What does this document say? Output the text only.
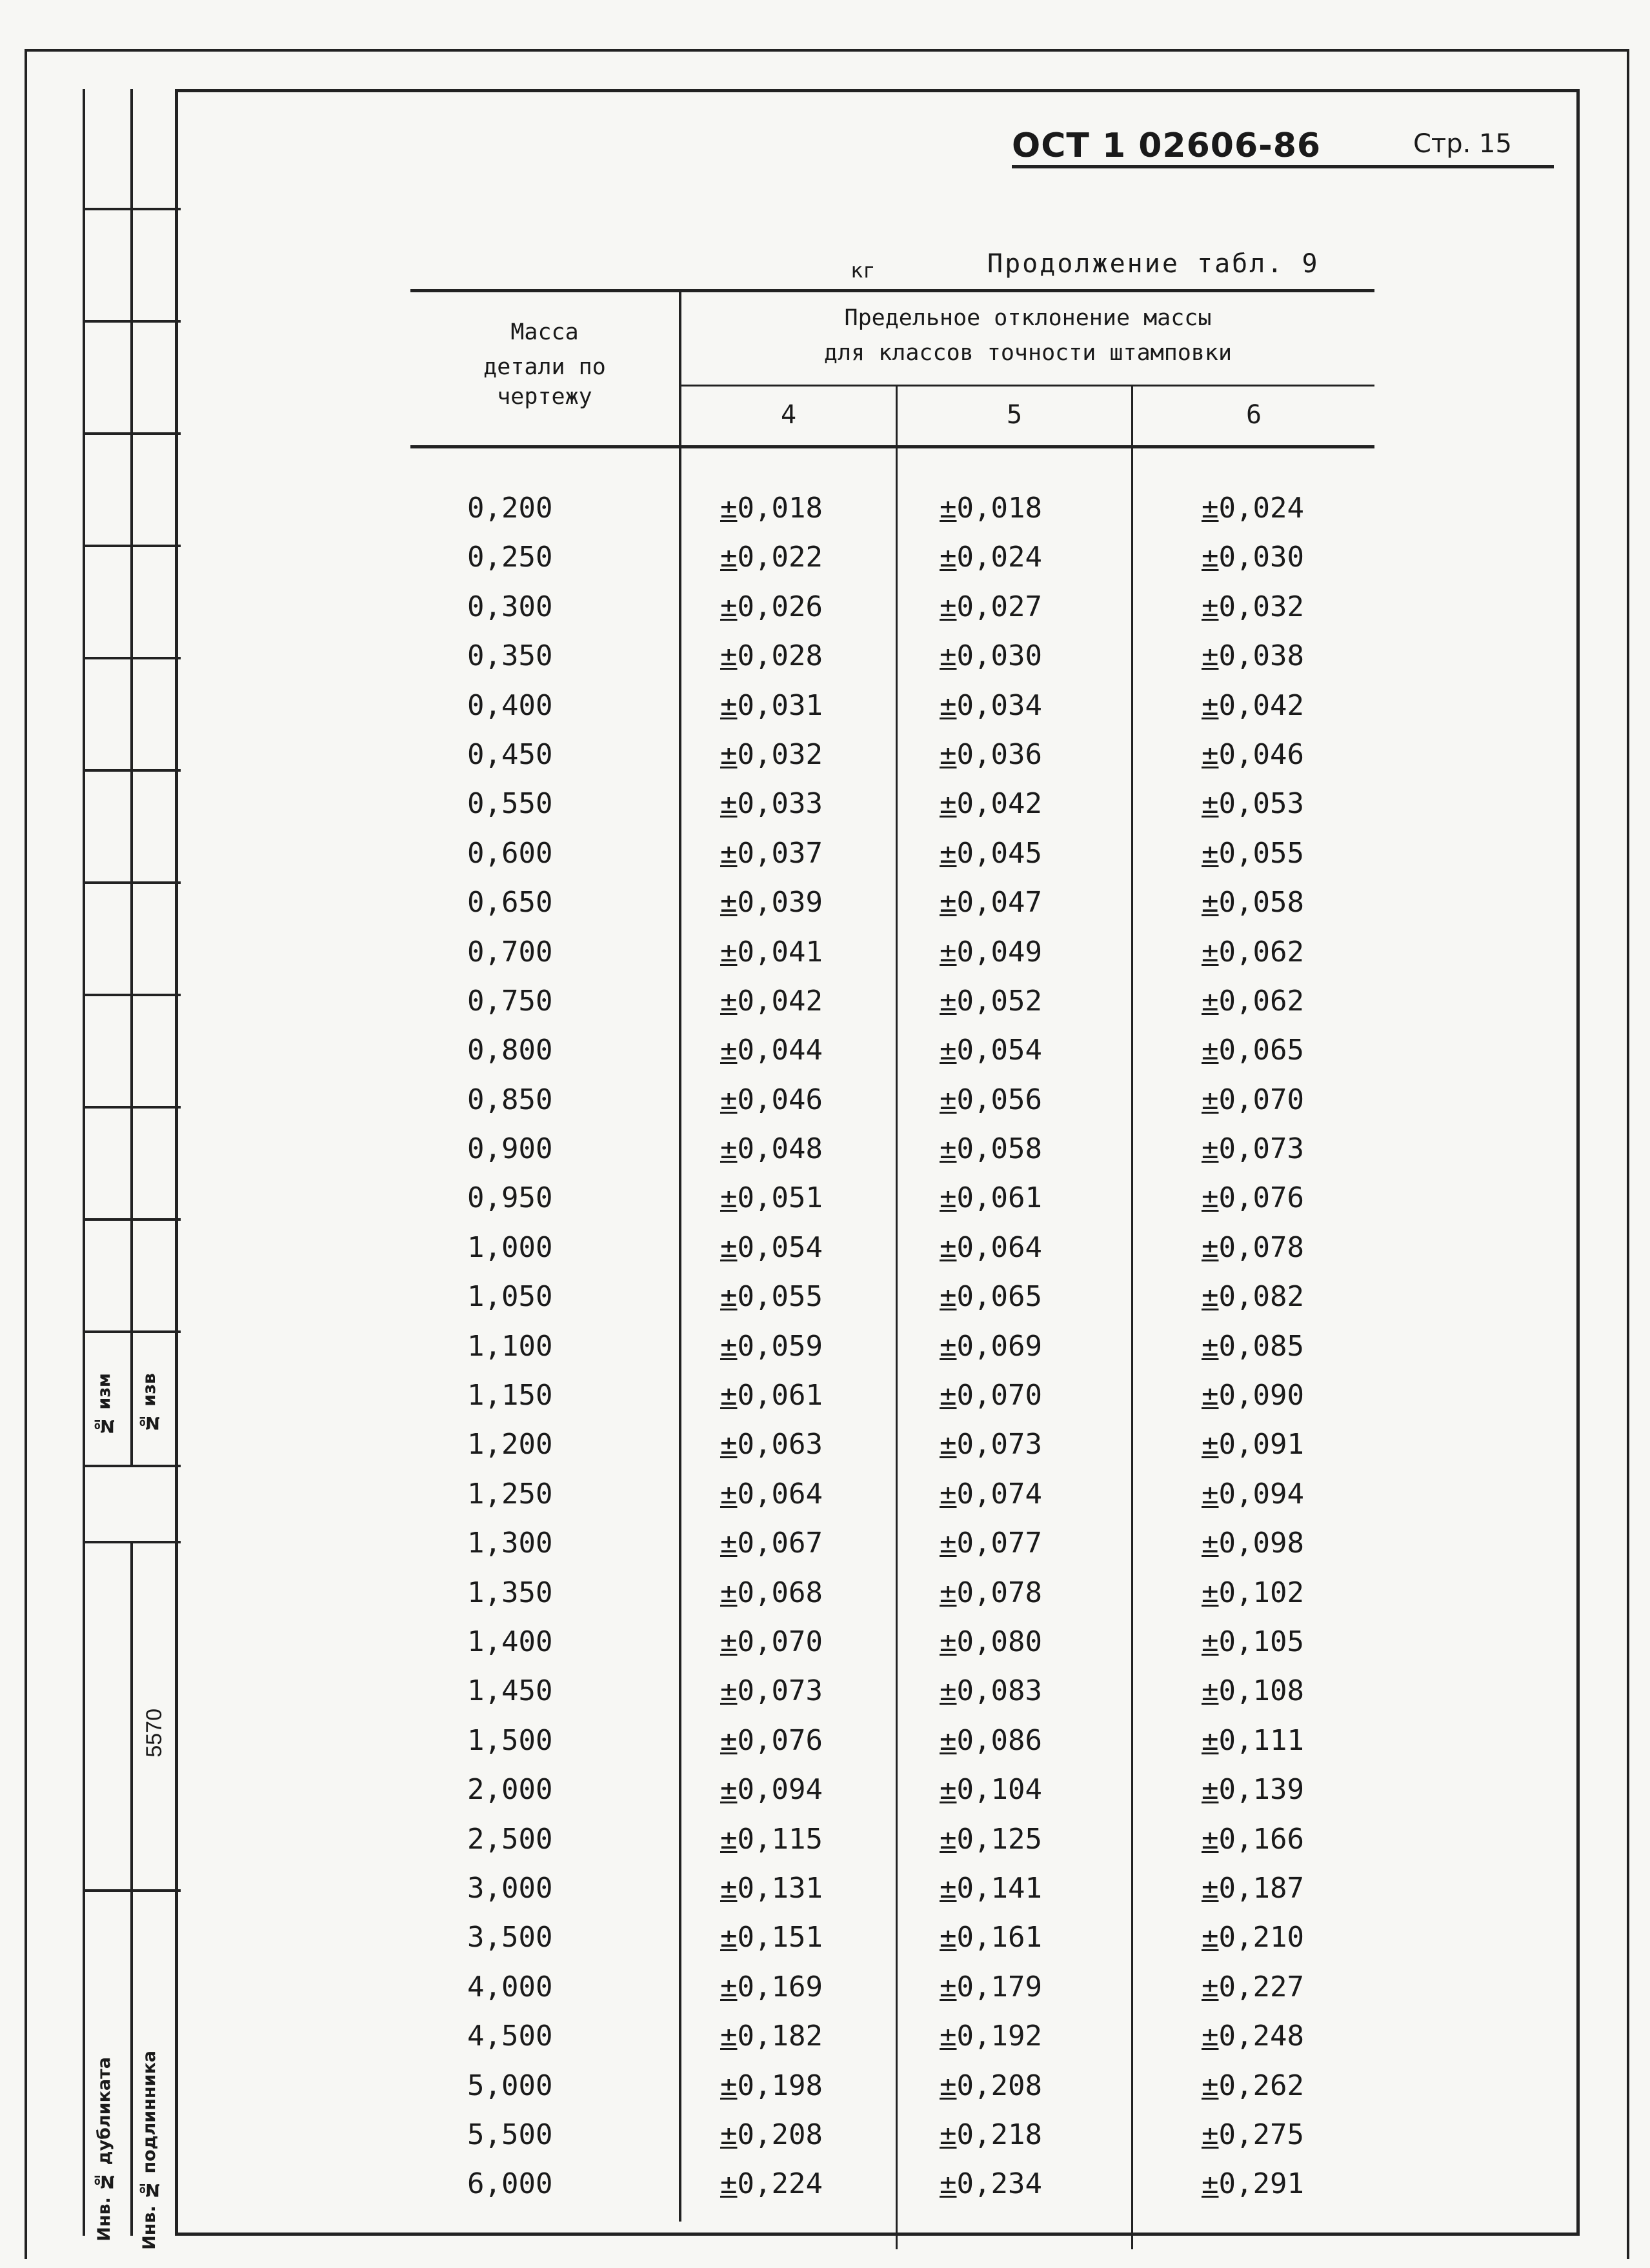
№ изм № изв
5570
Инв. № дубликата Инв. № подлинника
ОСТ 1 02606-86	Стр. 15
кг	Продолжение табл. 9
Масса
детали по
чертежу
Предельное отклонение массы
для классов точности штамповки
4	5	6
0,200	±0,018	±0,018	±0,024
0,250	±0,022	±0,024	±0,030
0,300	±0,026	±0,027	±0,032
0,350	±0,028	±0,030	±0,038
0,400	±0,031	±0,034	±0,042
0,450	±0,032	±0,036	±0,046
0,550	±0,033	±0,042	±0,053
0,600	±0,037	±0,045	±0,055
0,650	±0,039	±0,047	±0,058
0,700	±0,041	±0,049	±0,062
0,750	±0,042	±0,052	±0,062
0,800	±0,044	±0,054	±0,065
0,850	±0,046	±0,056	±0,070
0,900	±0,048	±0,058	±0,073
0,950	±0,051	±0,061	±0,076
1,000	±0,054	±0,064	±0,078
1,050	±0,055	±0,065	±0,082
1,100	±0,059	±0,069	±0,085
1,150	±0,061	±0,070	±0,090
1,200	±0,063	±0,073	±0,091
1,250	±0,064	±0,074	±0,094
1,300	±0,067	±0,077	±0,098
1,350	±0,068	±0,078	±0,102
1,400	±0,070	±0,080	±0,105
1,450	±0,073	±0,083	±0,108
1,500	±0,076	±0,086	±0,111
2,000	±0,094	±0,104	±0,139
2,500	±0,115	±0,125	±0,166
3,000	±0,131	±0,141	±0,187
3,500	±0,151	±0,161	±0,210
4,000	±0,169	±0,179	±0,227
4,500	±0,182	±0,192	±0,248
5,000	±0,198	±0,208	±0,262
5,500	±0,208	±0,218	±0,275
6,000	±0,224	±0,234	±0,291
